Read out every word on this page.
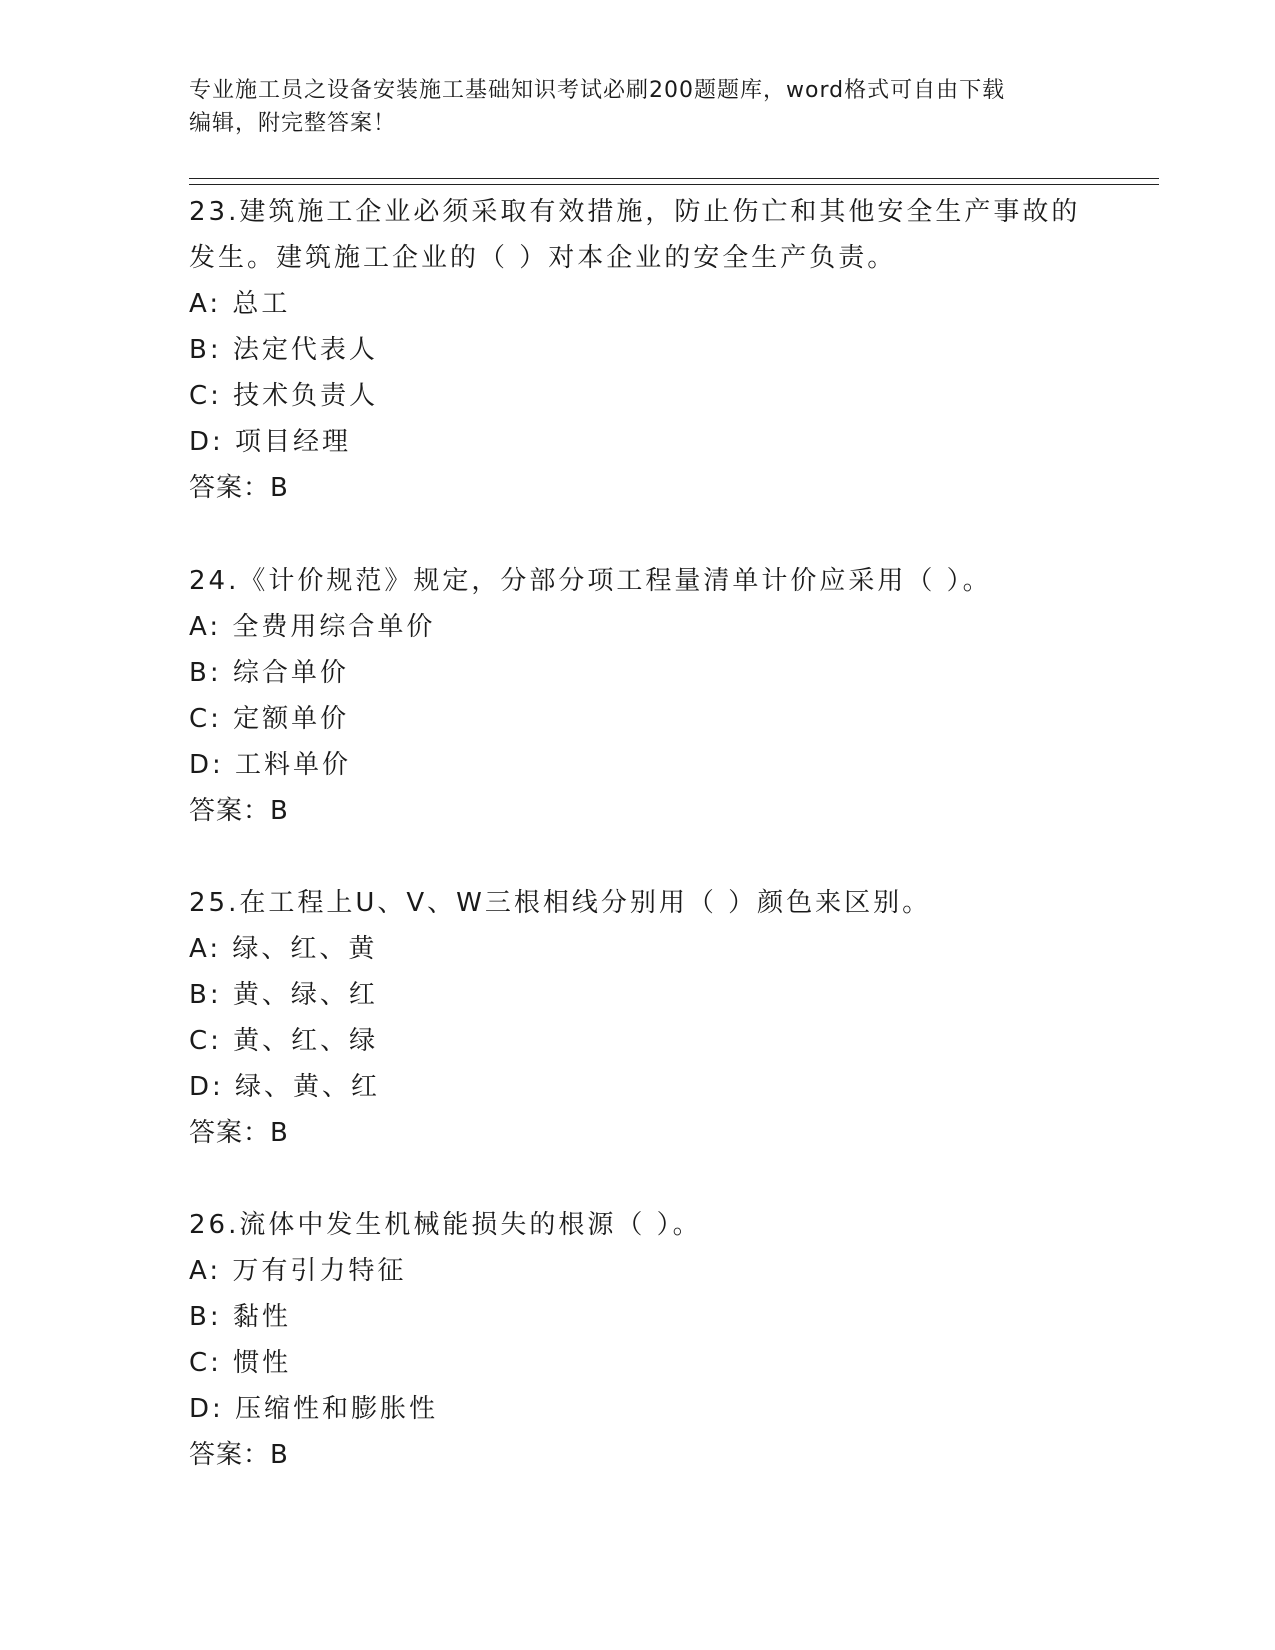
专业施工员之设备安装施工基础知识考试必刷200题题库，word格式可自由下载
编辑，附完整答案！

23.建筑施工企业必须采取有效措施，防止伤亡和其他安全生产事故的

发生。建筑施工企业的（ ）对本企业的安全生产负责。

A: 总工

B: 法定代表人

C: 技术负责人

D: 项目经理

答案：B

24.《计价规范》规定，分部分项工程量清单计价应采用（ ）。

A: 全费用综合单价

B: 综合单价

C: 定额单价

D: 工料单价

答案：B

25.在工程上U、V、W三根相线分别用（ ）颜色来区别。

A: 绿、红、黄

B: 黄、绿、红

C: 黄、红、绿

D: 绿、黄、红

答案：B

26.流体中发生机械能损失的根源（ ）。

A: 万有引力特征

B: 黏性

C: 惯性

D: 压缩性和膨胀性

答案：B
